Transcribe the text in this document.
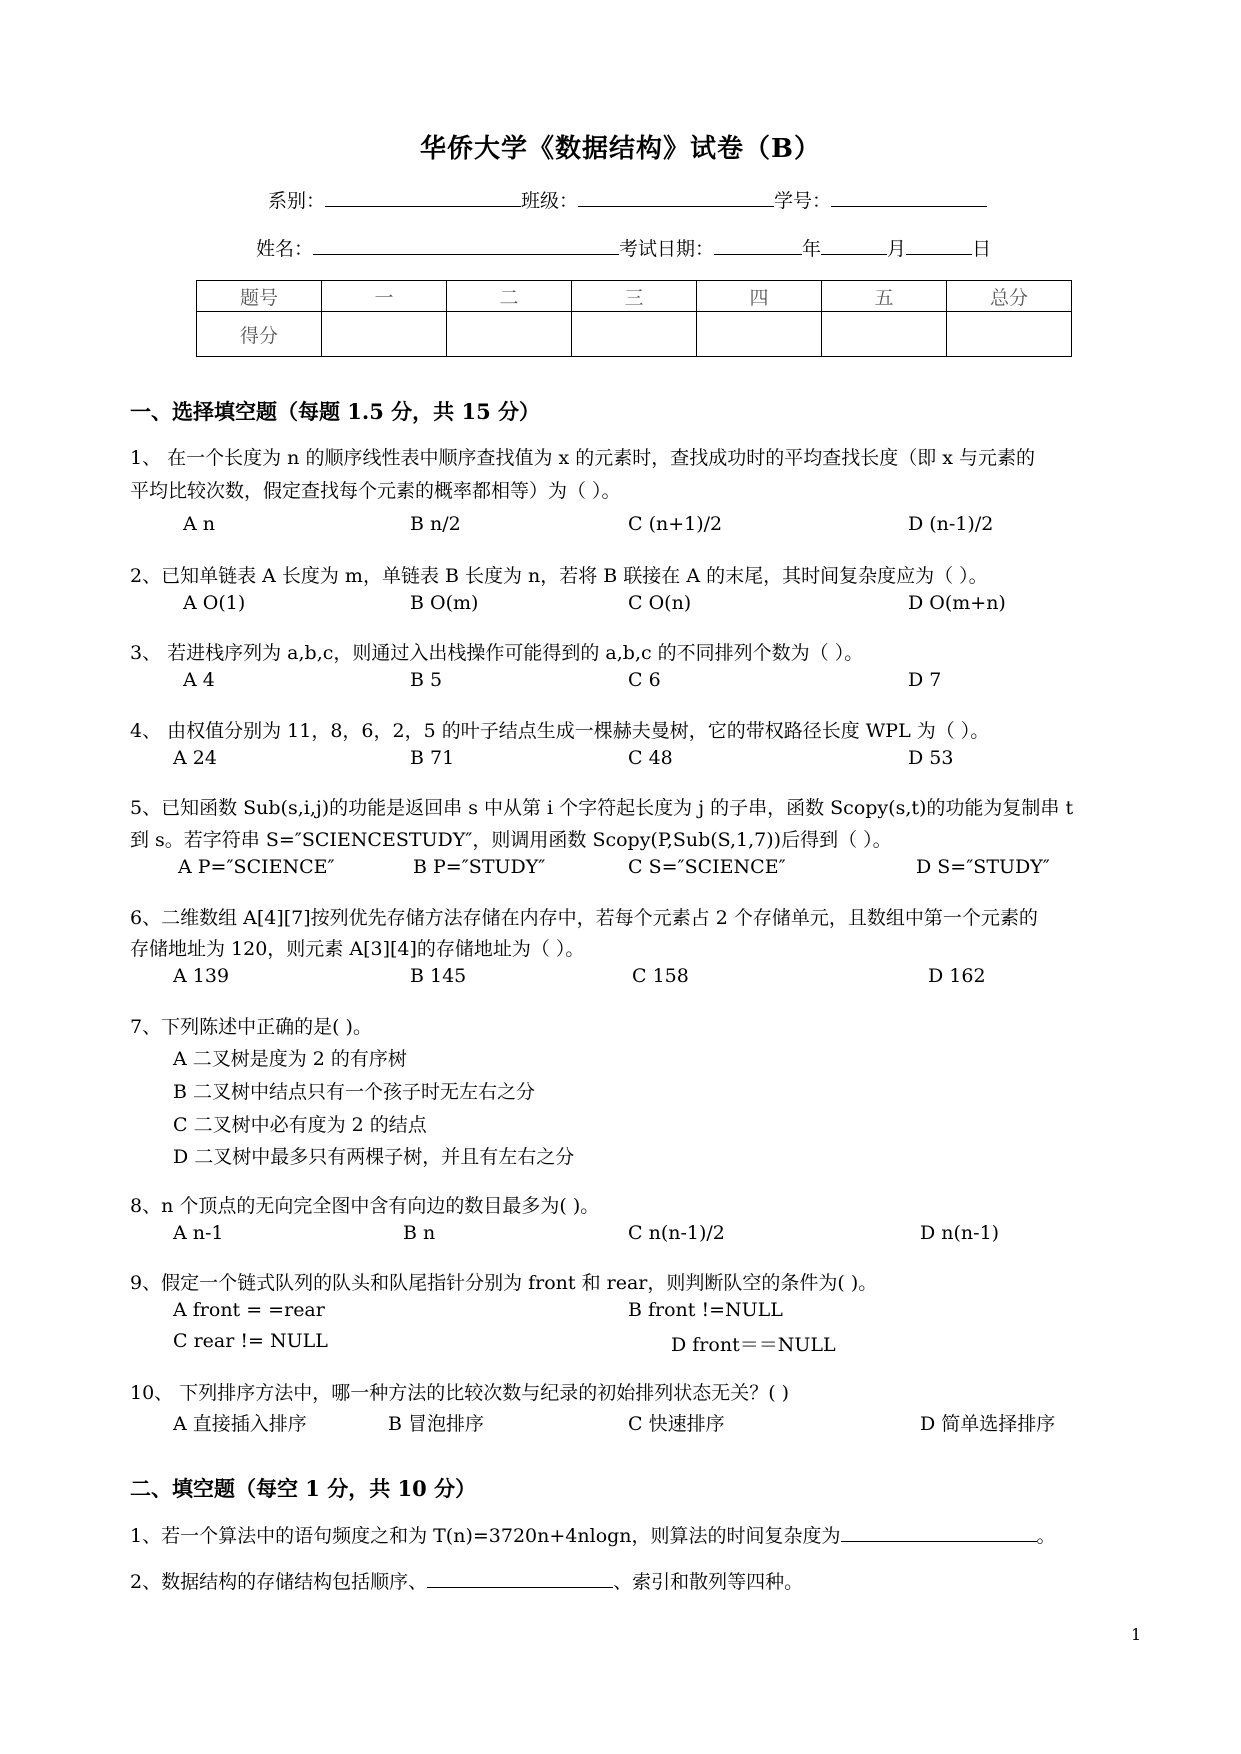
华侨大学《数据结构》试卷（B）
系别：	班级：	学号：
姓名：	考试日期：	年	月	日
题号	一	二	三	四	五	总分
得分						
一、选择填空题（每题 1.5 分，共 15 分）
1、 在一个长度为 n 的顺序线性表中顺序查找值为 x 的元素时，查找成功时的平均查找长度（即 x 与元素的
平均比较次数，假定查找每个元素的概率都相等）为（ ）。
A n	B n/2	C (n+1)/2	D (n-1)/2
2、已知单链表 A 长度为 m，单链表 B 长度为 n，若将 B 联接在 A 的末尾，其时间复杂度应为（ ）。
A O(1)	B O(m)	C O(n)	D O(m+n)
3、 若进栈序列为 a,b,c，则通过入出栈操作可能得到的 a,b,c 的不同排列个数为（ ）。
A 4	B 5	C 6	D 7
4、 由权值分别为 11，8，6，2，5 的叶子结点生成一棵赫夫曼树，它的带权路径长度 WPL 为（ ）。
A 24	B 71	C 48	D 53
5、已知函数 Sub(s,i,j)的功能是返回串 s 中从第 i 个字符起长度为 j 的子串，函数 Scopy(s,t)的功能为复制串 t
到 s。若字符串 S=″SCIENCESTUDY″，则调用函数 Scopy(P,Sub(S,1,7))后得到（ ）。
A P=″SCIENCE″	B P=″STUDY″	C S=″SCIENCE″	D S=″STUDY″
6、二维数组 A[4][7]按列优先存储方法存储在内存中，若每个元素占 2 个存储单元，且数组中第一个元素的
存储地址为 120，则元素 A[3][4]的存储地址为（ ）。
A 139	B 145	C 158	D 162
7、下列陈述中正确的是( )。
A 二叉树是度为 2 的有序树
B 二叉树中结点只有一个孩子时无左右之分
C 二叉树中必有度为 2 的结点
D 二叉树中最多只有两棵子树，并且有左右之分
8、n 个顶点的无向完全图中含有向边的数目最多为( )。
A n-1	B n	C n(n-1)/2	D n(n-1)
9、假定一个链式队列的队头和队尾指针分别为 front 和 rear，则判断队空的条件为( )。
A front = =rear	B front !=NULL
C rear != NULL	D front＝＝NULL
10、 下列排序方法中，哪一种方法的比较次数与纪录的初始排列状态无关？( )
A 直接插入排序	B 冒泡排序	C 快速排序	D 简单选择排序
二、填空题（每空 1 分，共 10 分）
1、若一个算法中的语句频度之和为 T(n)=3720n+4nlogn，则算法的时间复杂度为	。
2、数据结构的存储结构包括顺序、	、索引和散列等四种。
1
